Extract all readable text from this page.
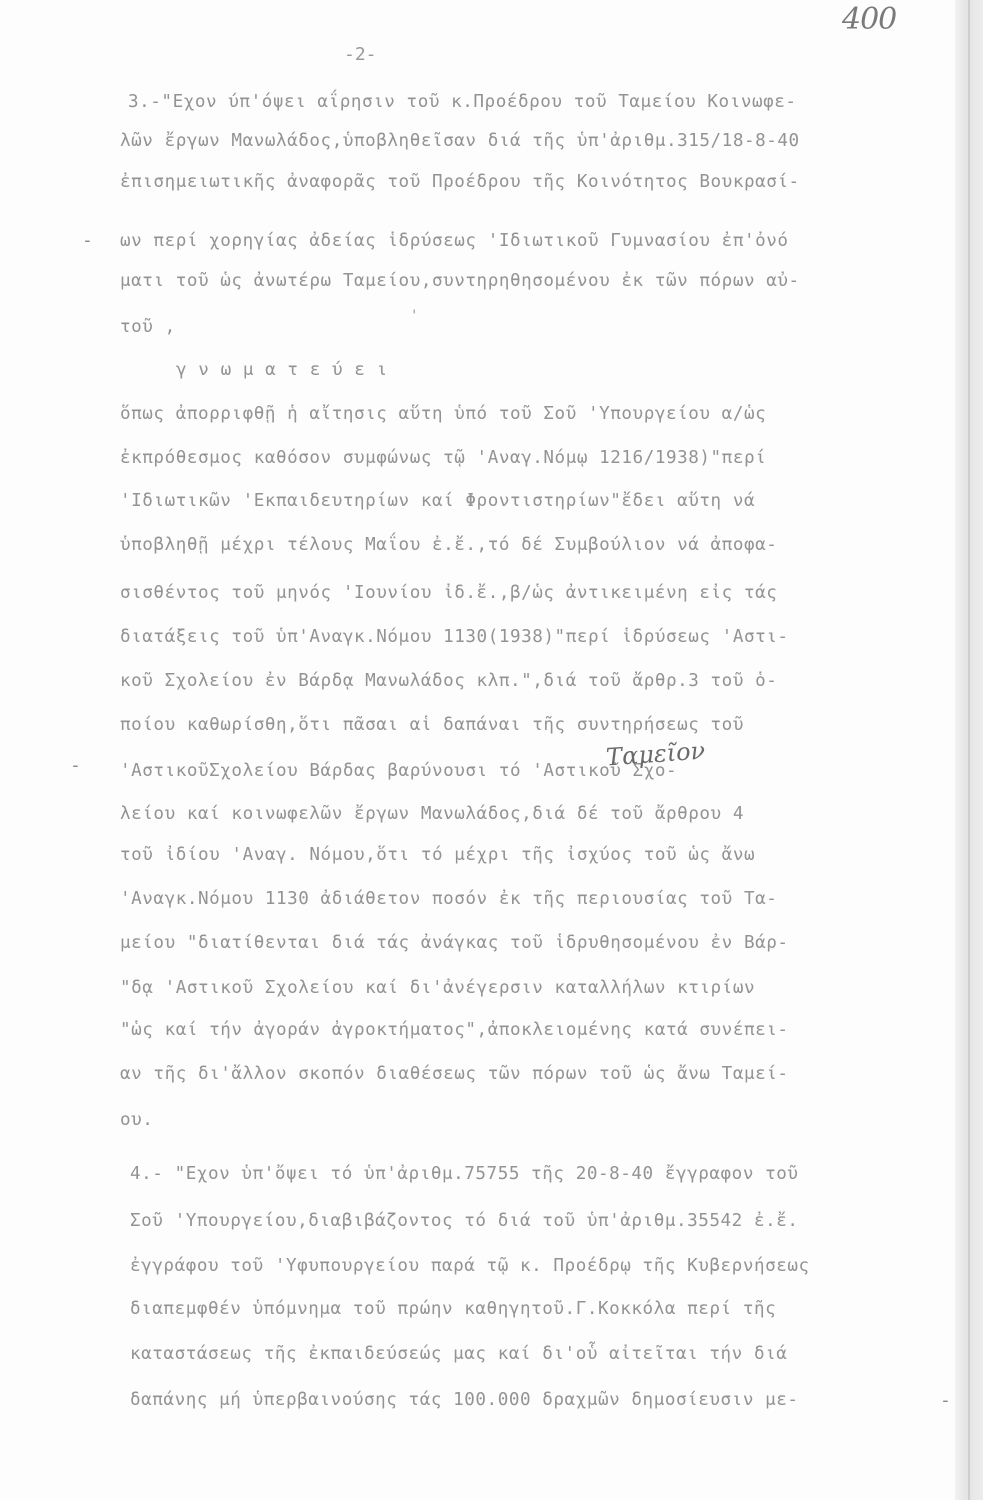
400
-2-
3.-"Εχον ύπ'όψει αΐρησιν τοῦ κ.Προέδρου τοῦ Ταμείου Κοινωφε-
λῶν ἔργων Μανωλάδος,ὑποβληθεῖσαν διά τῆς ὑπ'ἀριθμ.315/18-8-40
ἐπισημειωτικῆς ἀναφορᾶς τοῦ Προέδρου τῆς Κοινότητος Βουκρασί-
ων περί χορηγίας ἀδείας ἱδρύσεως 'Ιδιωτικοῦ Γυμνασίου ἐπ'ὀνό
ματι τοῦ ὡς ἀνωτέρω Ταμείου,συντηρηθησομένου ἐκ τῶν πόρων αὐ-
τοῦ ,
γ ν ω μ α τ ε ύ ε ι
ὅπως ἀπορριφθῇ ἡ αἴτησις αὕτη ὑπό τοῦ Σοῦ 'Υπουργείου α/ὡς
ἐκπρόθεσμος καθόσον συμφώνως τῷ 'Αναγ.Νόμῳ 1216/1938)"περί
'Ιδιωτικῶν 'Εκπαιδευτηρίων καί Φροντιστηρίων"ἔδει αὕτη νά
ὑποβληθῇ μέχρι τέλους Μαΐου ἐ.ἔ.,τό δέ Συμβούλιον νά ἀποφα-
σισθέντος τοῦ μηνός 'Ιουνίου ἰδ.ἔ.,β/ὡς ἀντικειμένη εἰς τάς
διατάξεις τοῦ ὑπ'Αναγκ.Νόμου 1130(1938)"περί ἱδρύσεως 'Αστι-
κοῦ Σχολείου ἐν Βάρδᾳ Μανωλάδος κλπ.",διά τοῦ ἄρθρ.3 τοῦ ὁ-
ποίου καθωρίσθη,ὅτι πᾶσαι αἱ δαπάναι τῆς συντηρήσεως τοῦ
'ΑστικοῦΣχολείου Βάρδας βαρύνουσι τό 'Αστικοῦ Σχο-
λείου καί κοινωφελῶν ἔργων Μανωλάδος,διά δέ τοῦ ἄρθρου 4
τοῦ ἰδίου 'Αναγ. Νόμου,ὅτι τό μέχρι τῆς ἰσχύος τοῦ ὡς ἄνω
'Αναγκ.Νόμου 1130 ἀδιάθετον ποσόν ἐκ τῆς περιουσίας τοῦ Τα-
μείου "διατίθενται διά τάς ἀνάγκας τοῦ ἱδρυθησομένου ἐν Βάρ-
"δᾳ 'Αστικοῦ Σχολείου καί δι'ἀνέγερσιν καταλλήλων κτιρίων
"ὡς καί τήν ἀγοράν ἀγροκτήματος",ἀποκλειομένης κατά συνέπει-
αν τῆς δι'ἄλλον σκοπόν διαθέσεως τῶν πόρων τοῦ ὡς ἄνω Ταμεί-
ου.
4.- "Εχον ὑπ'ὄψει τό ὑπ'ἀριθμ.75755 τῆς 20-8-40 ἔγγραφον τοῦ
Σοῦ 'Υπουργείου,διαβιβάζοντος τό διά τοῦ ὑπ'ἀριθμ.35542 ἐ.ἔ.
ἐγγράφου τοῦ 'Υφυπουργείου παρά τῷ κ. Προέδρῳ τῆς Κυβερνήσεως
διαπεμφθέν ὑπόμνημα τοῦ πρώην καθηγητοῦ.Γ.Κοκκόλα περί τῆς
καταστάσεως τῆς ἐκπαιδεύσεώς μας καί δι'οὗ αἰτεῖται τήν διά
δαπάνης μή ὑπερβαινούσης τάς 100.000 δραχμῶν δημοσίευσιν με-
Ταμεῖον
-
-
-
'
